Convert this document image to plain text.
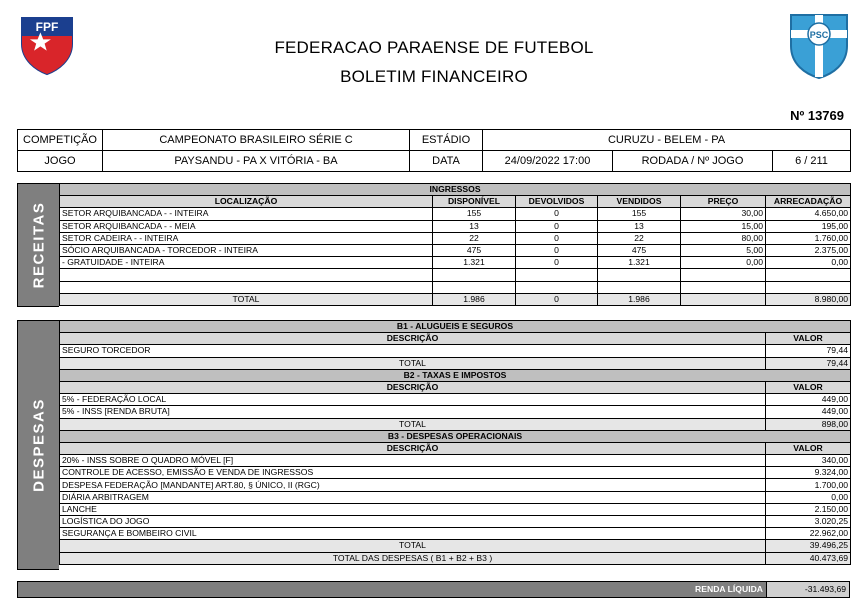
FPF
PSC
FEDERACAO PARAENSE DE FUTEBOL
BOLETIM FINANCEIRO
Nº 13769
COMPETIÇÃO	CAMPEONATO BRASILEIRO SÉRIE C	ESTÁDIO	CURUZU - BELEM - PA		
JOGO	PAYSANDU - PA X VITÓRIA - BA	DATA	24/09/2022 17:00	RODADA / Nº JOGO	6 / 211
RECEITAS
INGRESSOS					
LOCALIZAÇÃO	DISPONÍVEL	DEVOLVIDOS	VENDIDOS	PREÇO	ARRECADAÇÃO
SETOR ARQUIBANCADA - - INTEIRA	155	0	155	30,00	4.650,00
SETOR ARQUIBANCADA - - MEIA	13	0	13	15,00	195,00
SETOR CADEIRA - - INTEIRA	22	0	22	80,00	1.760,00
SÓCIO ARQUIBANCADA - TORCEDOR - INTEIRA	475	0	475	5,00	2.375,00
- GRATUIDADE - INTEIRA	1.321	0	1.321	0,00	0,00

TOTAL	1.986	0	1.986		8.980,00
DESPESAS
B1 - ALUGUEIS E SEGUROS	
DESCRIÇÃO	VALOR
SEGURO TORCEDOR	79,44
TOTAL	79,44
B2 - TAXAS E IMPOSTOS	
DESCRIÇÃO	VALOR
5% - FEDERAÇÃO LOCAL	449,00
5% - INSS [RENDA BRUTA]	449,00
TOTAL	898,00
B3 - DESPESAS OPERACIONAIS	
DESCRIÇÃO	VALOR
20% - INSS SOBRE O QUADRO MÓVEL [F]	340,00
CONTROLE DE ACESSO, EMISSÃO E VENDA DE INGRESSOS	9.324,00
DESPESA FEDERAÇÃO [MANDANTE] ART.80, § ÚNICO, II (RGC)	1.700,00
DIÁRIA ARBITRAGEM	0,00
LANCHE	2.150,00
LOGÍSTICA DO JOGO	3.020,25
SEGURANÇA E BOMBEIRO CIVIL	22.962,00
TOTAL	39.496,25
TOTAL DAS DESPESAS ( B1 + B2 + B3 )	40.473,69
RENDA LÍQUIDA	-31.493,69
